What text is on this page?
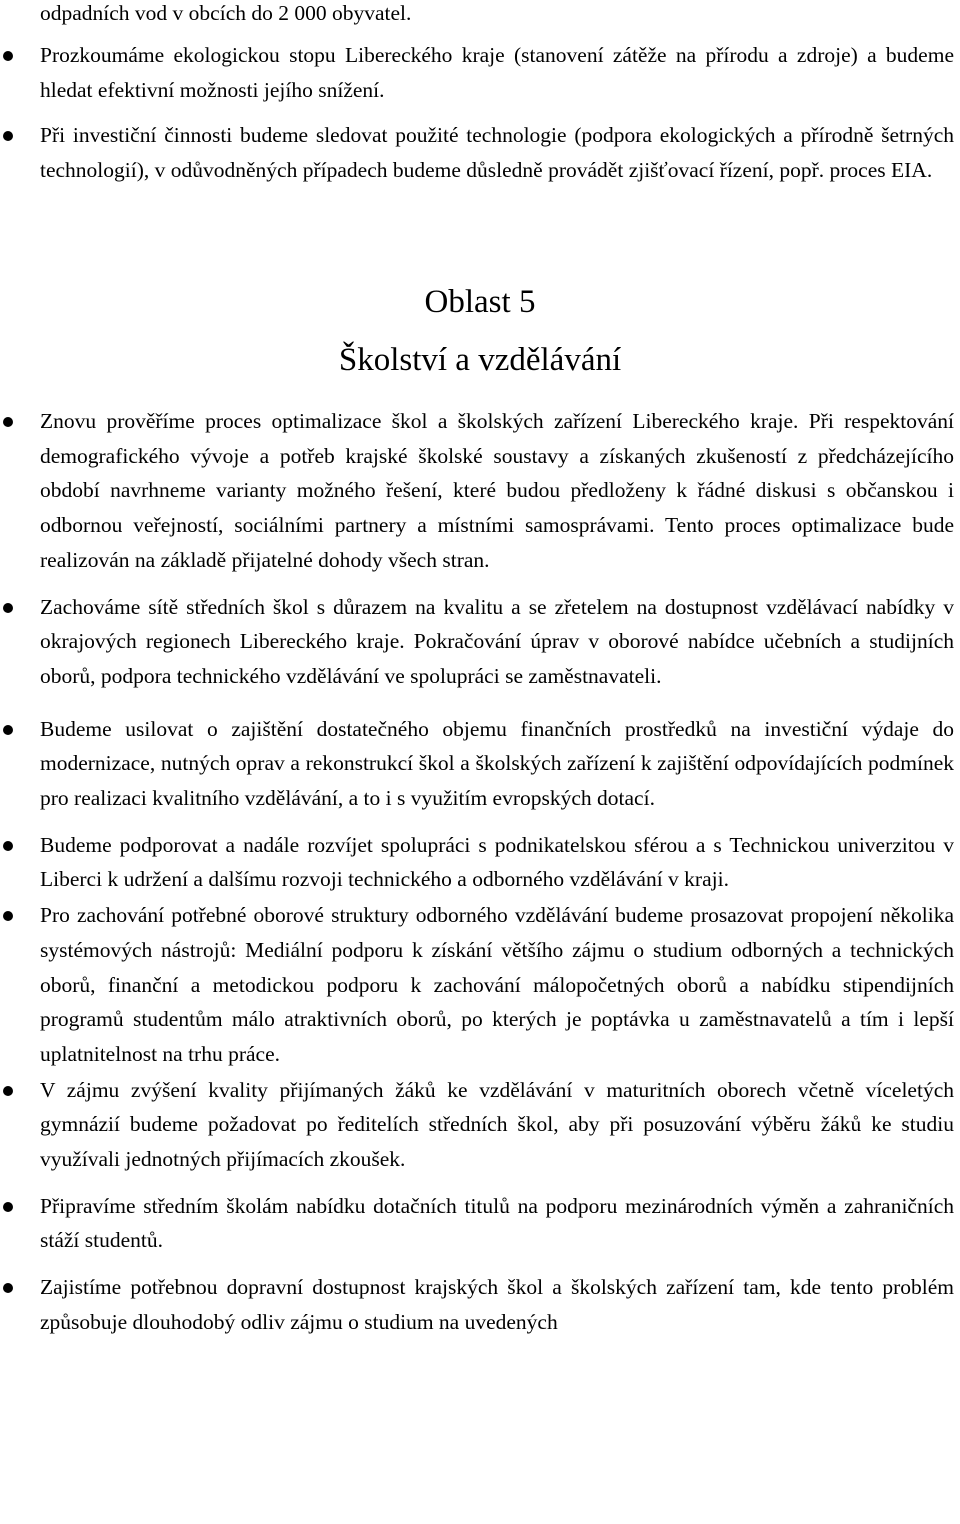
odpadních vod v obcích do 2 000 obyvatel.

Prozkoumáme ekologickou stopu Libereckého kraje (stanovení zátěže na přírodu a zdroje) a budeme hledat efektivní možnosti jejího snížení.

Při investiční činnosti budeme sledovat použité technologie (podpora ekologických a přírodně šetrných technologií), v odůvodněných případech budeme důsledně provádět zjišťovací řízení, popř. proces EIA.

Oblast 5
Školství a vzdělávání

Znovu prověříme proces optimalizace škol a školských zařízení Libereckého kraje. Při respektování demografického vývoje a potřeb krajské školské soustavy a získaných zkušeností z předcházejícího období navrhneme varianty možného řešení, které budou předloženy k řádné diskusi s občanskou i odbornou veřejností, sociálními partnery a místními samosprávami. Tento proces optimalizace bude realizován na základě přijatelné dohody všech stran.

Zachováme sítě středních škol s důrazem na kvalitu a se zřetelem na dostupnost vzdělávací nabídky v okrajových regionech Libereckého kraje. Pokračování úprav v oborové nabídce učebních a studijních oborů, podpora technického vzdělávání ve spolupráci se zaměstnavateli.

Budeme usilovat o zajištění dostatečného objemu finančních prostředků na investiční výdaje do modernizace, nutných oprav a rekonstrukcí škol a školských zařízení k zajištění odpovídajících podmínek pro realizaci kvalitního vzdělávání, a to i s využitím evropských dotací.

Budeme podporovat a nadále rozvíjet spolupráci s podnikatelskou sférou a s Technickou univerzitou v Liberci k udržení a dalšímu rozvoji technického a odborného vzdělávání v kraji.

Pro zachování potřebné oborové struktury odborného vzdělávání budeme prosazovat propojení několika systémových nástrojů: Mediální podporu k získání většího zájmu o studium odborných a technických oborů, finanční a metodickou podporu k zachování málopočetných oborů a nabídku stipendijních programů studentům málo atraktivních oborů, po kterých je poptávka u zaměstnavatelů a tím i lepší uplatnitelnost na trhu práce.

V zájmu zvýšení kvality přijímaných žáků ke vzdělávání v maturitních oborech včetně víceletých gymnázií budeme požadovat po ředitelích středních škol, aby při posuzování výběru žáků ke studiu využívali jednotných přijímacích zkoušek.

Připravíme středním školám nabídku dotačních titulů na podporu mezinárodních výměn a zahraničních stáží studentů.

Zajistíme potřebnou dopravní dostupnost krajských škol a školských zařízení tam, kde tento problém způsobuje dlouhodobý odliv zájmu o studium na uvedených
